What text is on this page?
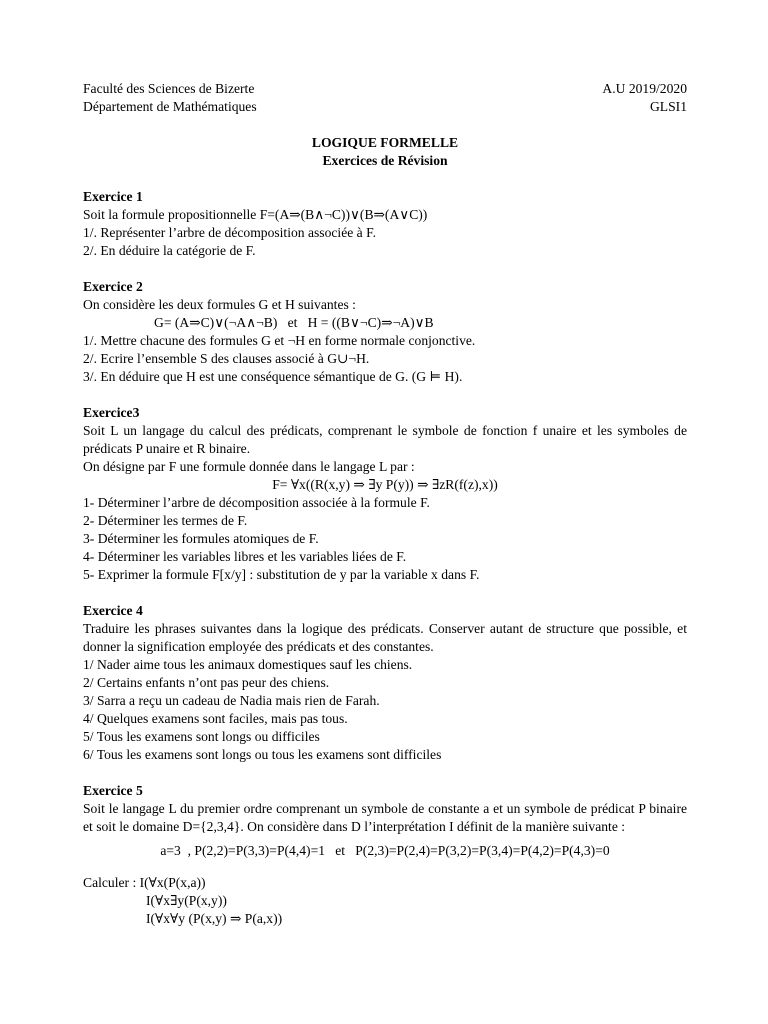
Faculté des Sciences de Bizerte
Département de Mathématiques
A.U 2019/2020
GLSI1
LOGIQUE FORMELLE
Exercices de Révision
Exercice 1
Soit la formule propositionnelle F=(A⇒(B∧¬C))∨(B⇒(A∨C))
1/. Représenter l’arbre de décomposition associée à F.
2/. En déduire la catégorie de F.
Exercice 2
On considère les deux formules G et H suivantes :
G= (A⇒C)∨(¬A∧¬B)   et   H = ((B∨¬C)⇒¬A)∨B
1/. Mettre chacune des formules G et ¬H en forme normale conjonctive.
2/. Ecrire l’ensemble S des clauses associé à G∪¬H.
3/. En déduire que H est une conséquence sémantique de G. (G ⊨ H).
Exercice3
Soit L un langage du calcul des prédicats, comprenant le symbole de fonction f unaire et les symboles de prédicats P unaire et R binaire.
On désigne par F une formule donnée dans le langage L par :
F= ∀x((R(x,y) ⇒ ∃y P(y)) ⇒ ∃zR(f(z),x))
1- Déterminer l’arbre de décomposition associée à la formule F.
2- Déterminer les termes de F.
3- Déterminer les formules atomiques de F.
4- Déterminer les variables libres et les variables liées de F.
5- Exprimer la formule F[x/y] : substitution de y par la variable x dans F.
Exercice 4
Traduire les phrases suivantes dans la logique des prédicats. Conserver autant de structure que possible, et donner la signification employée des prédicats et des constantes.
1/ Nader aime tous les animaux domestiques sauf les chiens.
2/ Certains enfants n’ont pas peur des chiens.
3/ Sarra a reçu un cadeau de Nadia mais rien de Farah.
4/ Quelques examens sont faciles, mais pas tous.
5/ Tous les examens sont longs ou difficiles
6/ Tous les examens sont longs ou tous les examens sont difficiles
Exercice 5
Soit le langage L du premier ordre comprenant un symbole de constante a et un symbole de prédicat P binaire et soit le domaine D={2,3,4}. On considère dans D l’interprétation I définit de la manière suivante :
a=3  , P(2,2)=P(3,3)=P(4,4)=1   et   P(2,3)=P(2,4)=P(3,2)=P(3,4)=P(4,2)=P(4,3)=0
Calculer : I(∀x(P(x,a))
I(∀x∃y(P(x,y))
I(∀x∀y (P(x,y) ⇒ P(a,x))
